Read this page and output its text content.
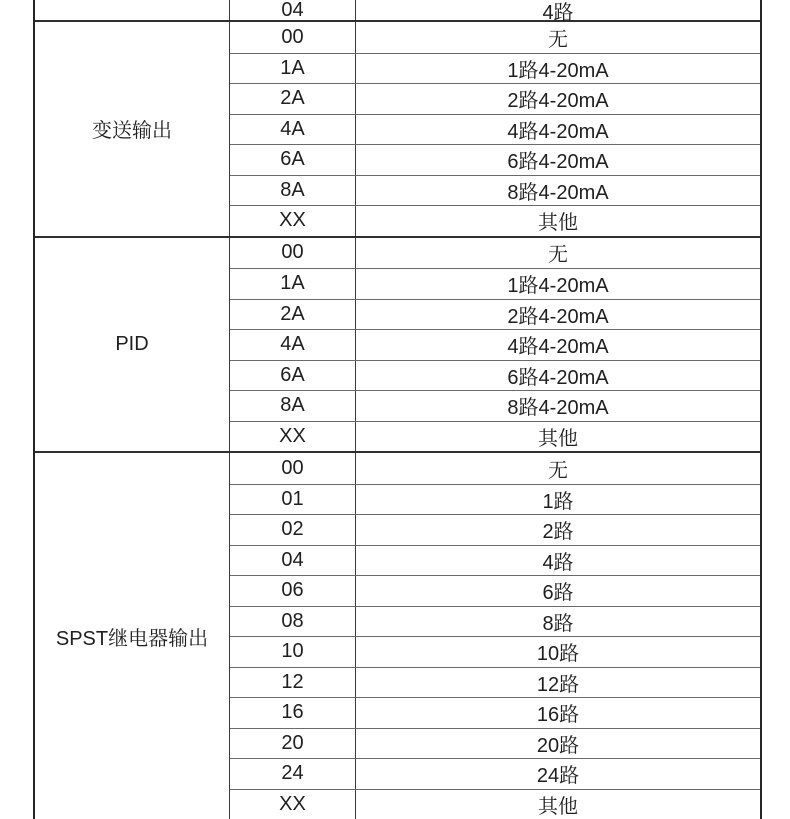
04	4路
变送输出
00	无
1A	1路4-20mA
2A	2路4-20mA
4A	4路4-20mA
6A	6路4-20mA
8A	8路4-20mA
XX	其他
PID
00	无
1A	1路4-20mA
2A	2路4-20mA
4A	4路4-20mA
6A	6路4-20mA
8A	8路4-20mA
XX	其他
SPST继电器输出
00	无
01	1路
02	2路
04	4路
06	6路
08	8路
10	10路
12	12路
16	16路
20	20路
24	24路
XX	其他
